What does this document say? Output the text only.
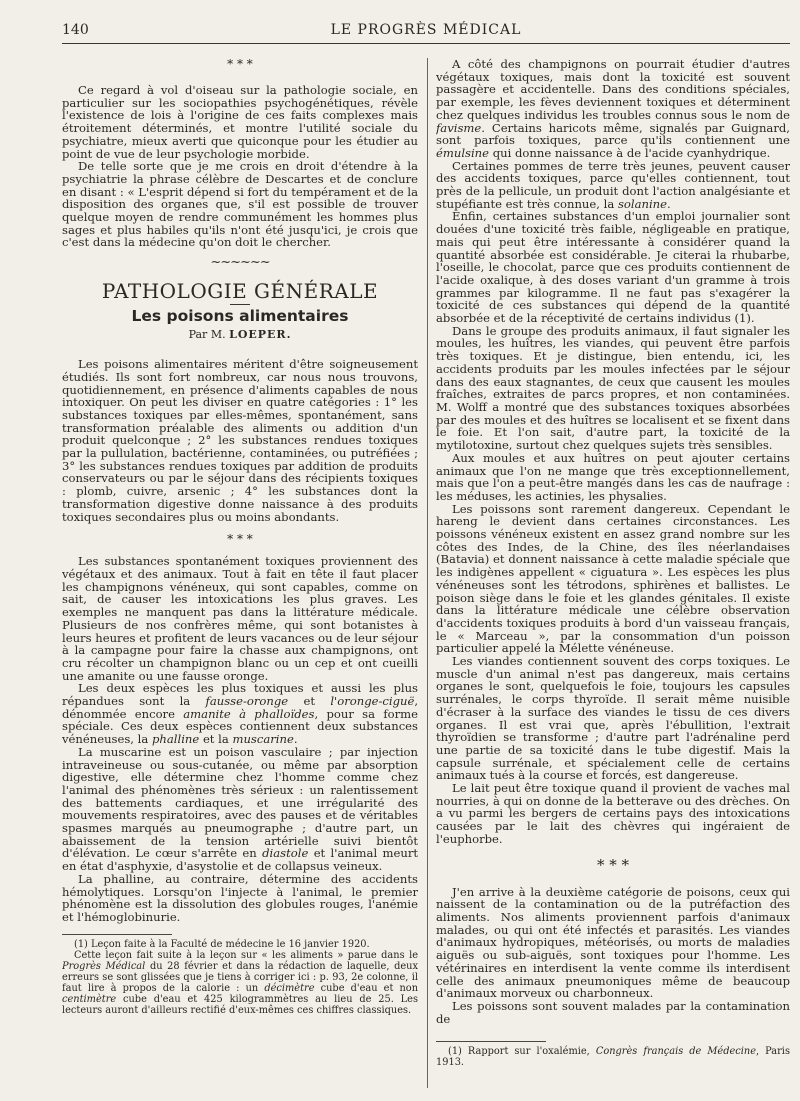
140	LE PROGRÈS MÉDICAL
* * *

Ce regard à vol d'oiseau sur la pathologie sociale, en particulier sur les sociopathies psychogénétiques, révèle l'existence de lois à l'origine de ces faits complexes mais étroitement déterminés, et montre l'utilité sociale du psychiatre, mieux averti que quiconque pour les étudier au point de vue de leur psychologie morbide.

De telle sorte que je me crois en droit d'étendre à la psychiatrie la phrase célèbre de Descartes et de conclure en disant : « L'esprit dépend si fort du tempérament et de la disposition des organes que, s'il est possible de trouver quelque moyen de rendre communément les hommes plus sages et plus habiles qu'ils n'ont été jusqu'ici, je crois que c'est dans la médecine qu'on doit le chercher.

~~~~~~
PATHOLOGIE GÉNÉRALE
Les poisons alimentaires
Par M. LOEPER.

Les poisons alimentaires méritent d'être soigneusement étudiés. Ils sont fort nombreux, car nous nous trouvons, quotidiennement, en présence d'aliments capables de nous intoxiquer. On peut les diviser en quatre catégories : 1° les substances toxiques par elles-mêmes, spontanément, sans transformation préalable des aliments ou addition d'un produit quelconque ; 2° les substances rendues toxiques par la pullulation, bactérienne, contaminées, ou putréfiées ; 3° les substances rendues toxiques par addition de produits conservateurs ou par le séjour dans des récipients toxiques : plomb, cuivre, arsenic ; 4° les substances dont la transformation digestive donne naissance à des produits toxiques secondaires plus ou moins abondants.

* * *

Les substances spontanément toxiques proviennent des végétaux et des animaux. Tout à fait en tête il faut placer les champignons vénéneux, qui sont capables, comme on sait, de causer les intoxications les plus graves. Les exemples ne manquent pas dans la littérature médicale. Plusieurs de nos confrères même, qui sont botanistes à leurs heures et profitent de leurs vacances ou de leur séjour à la campagne pour faire la chasse aux champignons, ont cru récolter un champignon blanc ou un cep et ont cueilli une amanite ou une fausse oronge.

Les deux espèces les plus toxiques et aussi les plus répandues sont la fausse-oronge et l'oronge-ciguë, dénommée encore amanite à phalloïdes, pour sa forme spéciale. Ces deux espèces contiennent deux substances vénéneuses, la phalline et la muscarine.

La muscarine est un poison vasculaire ; par injection intraveineuse ou sous-cutanée, ou même par absorption digestive, elle détermine chez l'homme comme chez l'animal des phénomènes très sérieux : un ralentissement des battements cardiaques, et une irrégularité des mouvements respiratoires, avec des pauses et de véritables spasmes marqués au pneumographe ; d'autre part, un abaissement de la tension artérielle suivi bientôt d'élévation. Le cœur s'arrête en diastole et l'animal meurt en état d'asphyxie, d'asystolie et de collapsus veineux.

La phalline, au contraire, détermine des accidents hémolytiques. Lorsqu'on l'injecte à l'animal, le premier phénomène est la dissolution des globules rouges, l'anémie et l'hémoglobinurie.

(1) Leçon faite à la Faculté de médecine le 16 janvier 1920.

Cette leçon fait suite à la leçon sur « les aliments » parue dans le Progrès Médical du 28 février et dans la rédaction de laquelle, deux erreurs se sont glissées que je tiens à corriger ici : p. 93, 2e colonne, il faut lire à propos de la calorie : un décimètre cube d'eau et non centimètre cube d'eau et 425 kilogrammètres au lieu de 25. Les lecteurs auront d'ailleurs rectifié d'eux-mêmes ces chiffres classiques.

A côté des champignons on pourrait étudier d'autres végétaux toxiques, mais dont la toxicité est souvent passagère et accidentelle. Dans des conditions spéciales, par exemple, les fèves deviennent toxiques et déterminent chez quelques individus les troubles connus sous le nom de favisme. Certains haricots même, signalés par Guignard, sont parfois toxiques, parce qu'ils contiennent une émulsine qui donne naissance à de l'acide cyanhydrique.

Certaines pommes de terre très jeunes, peuvent causer des accidents toxiques, parce qu'elles contiennent, tout près de la pellicule, un produit dont l'action analgésiante et stupéfiante est très connue, la solanine.

Enfin, certaines substances d'un emploi journalier sont douées d'une toxicité très faible, négligeable en pratique, mais qui peut être intéressante à considérer quand la quantité absorbée est considérable. Je citerai la rhubarbe, l'oseille, le chocolat, parce que ces produits contiennent de l'acide oxalique, à des doses variant d'un gramme à trois grammes par kilogramme. Il ne faut pas s'exagérer la toxicité de ces substances qui dépend de la quantité absorbée et de la réceptivité de certains individus (1).

Dans le groupe des produits animaux, il faut signaler les moules, les huîtres, les viandes, qui peuvent être parfois très toxiques. Et je distingue, bien entendu, ici, les accidents produits par les moules infectées par le séjour dans des eaux stagnantes, de ceux que causent les moules fraîches, extraites de parcs propres, et non contaminées. M. Wolff a montré que des substances toxiques absorbées par des moules et des huîtres se localisent et se fixent dans le foie. Et l'on sait, d'autre part, la toxicité de la mytilotoxine, surtout chez quelques sujets très sensibles.

Aux moules et aux huîtres on peut ajouter certains animaux que l'on ne mange que très exceptionnellement, mais que l'on a peut-être mangés dans les cas de naufrage : les méduses, les actinies, les physalies.

Les poissons sont rarement dangereux. Cependant le hareng le devient dans certaines circonstances. Les poissons vénéneux existent en assez grand nombre sur les côtes des Indes, de la Chine, des îles néerlandaises (Batavia) et donnent naissance à cette maladie spéciale que les indigènes appellent « ciguatura ». Les espèces les plus vénéneuses sont les tétrodons, sphirènes et ballistes. Le poison siège dans le foie et les glandes génitales. Il existe dans la littérature médicale une célèbre observation d'accidents toxiques produits à bord d'un vaisseau français, le « Marceau », par la consommation d'un poisson particulier appelé la Mélette vénéneuse.

Les viandes contiennent souvent des corps toxiques. Le muscle d'un animal n'est pas dangereux, mais certains organes le sont, quelquefois le foie, toujours les capsules surrénales, le corps thyroïde. Il serait même nuisible d'écraser à la surface des viandes le tissu de ces divers organes. Il est vrai que, après l'ébullition, l'extrait thyroïdien se transforme ; d'autre part l'adrénaline perd une partie de sa toxicité dans le tube digestif. Mais la capsule surrénale, et spécialement celle de certains animaux tués à la course et forcés, est dangereuse.

Le lait peut être toxique quand il provient de vaches mal nourries, à qui on donne de la betterave ou des drèches. On a vu parmi les bergers de certains pays des intoxications causées par le lait des chèvres qui ingéraient de l'euphorbe.

* * *

J'en arrive à la deuxième catégorie de poisons, ceux qui naissent de la contamination ou de la putréfaction des aliments. Nos aliments proviennent parfois d'animaux malades, ou qui ont été infectés et parasités. Les viandes d'animaux hydropiques, météorisés, ou morts de maladies aiguës ou sub-aiguës, sont toxiques pour l'homme. Les vétérinaires en interdisent la vente comme ils interdisent celle des animaux pneumoniques même de beaucoup d'animaux morveux ou charbonneux.

Les poissons sont souvent malades par la contamination de

(1) Rapport sur l'oxalémie, Congrès français de Médecine, Paris 1913.
